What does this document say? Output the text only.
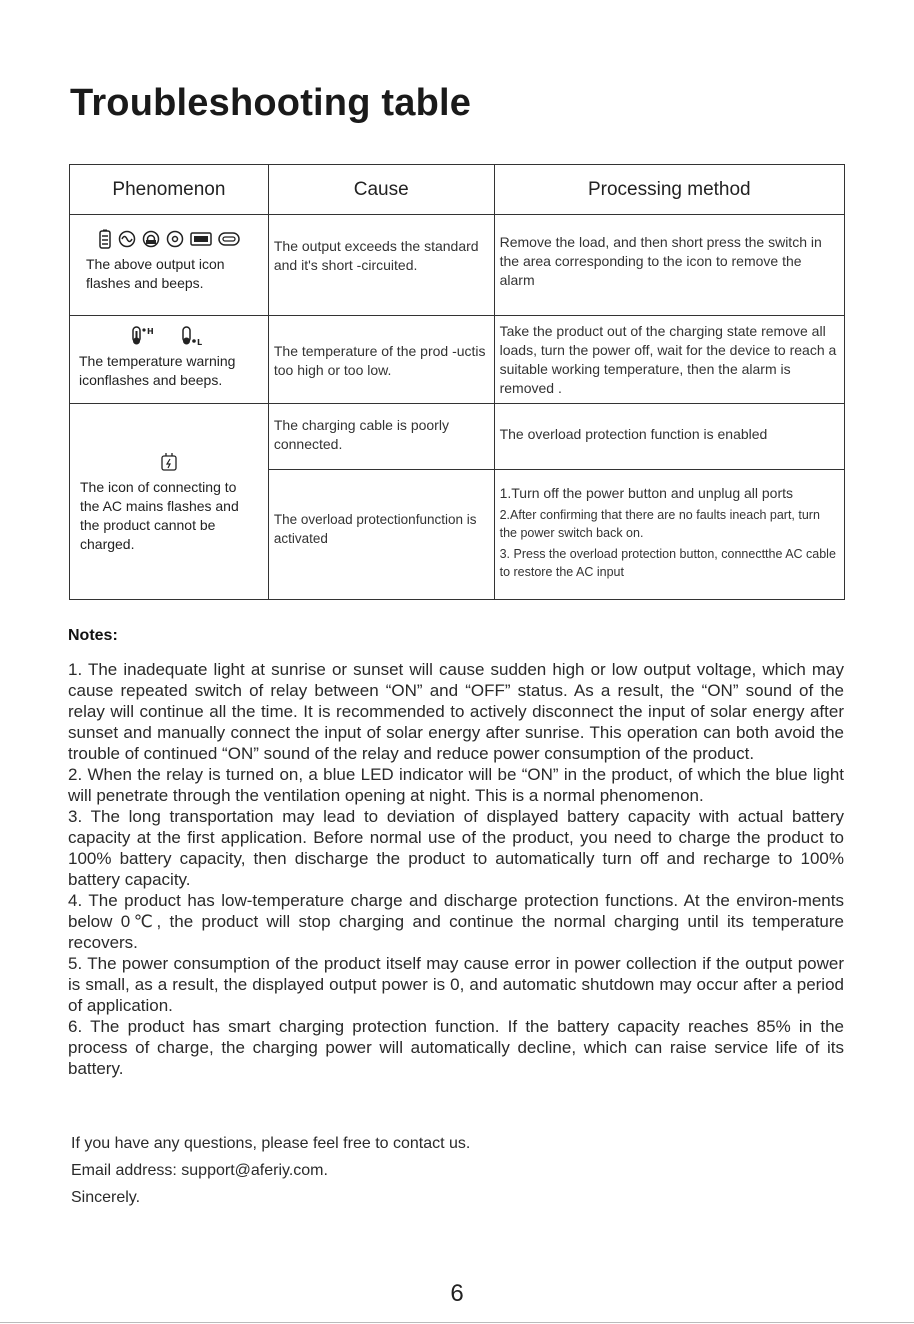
Troubleshooting table
Phenomenon	Cause	Processing method

The above output icon flashes and beeps.	The output exceeds the standard and it's short -circuited.	Remove the load, and then short press the switch in the area corresponding to the icon to remove the alarm

H
L
The temperature warning iconflashes and beeps.	The temperature of the prod -uctis too high or too low.	Take the product out of the charging state remove all loads, turn the power off, wait for the device to reach a suitable working temperature, then the alarm is removed .

The icon of connecting to the AC mains flashes and the product cannot be charged.	The charging cable is poorly connected.	The overload protection function is enabled

	The overload protectionfunction is activated	1.Turn off the power button and unplug all ports
2.After confirming that there are no faults ineach part, turn the power switch back on.
3. Press the overload protection button, connectthe AC cable to restore the AC input
Notes:

1. The inadequate light at sunrise or sunset will cause sudden high or low output voltage, which may cause repeated switch of relay between “ON” and “OFF” status. As a result, the “ON” sound of the relay will continue all the time. It is recommended to actively disconnect the input of solar energy after sunset and manually connect the input of solar energy after sunrise. This operation can both avoid the trouble of continued “ON” sound of the relay and reduce power consumption of the product.

2. When the relay is turned on, a blue LED indicator will be “ON” in the product, of which the blue light will penetrate through the ventilation opening at night. This is a normal phenomenon.

3. The long transportation may lead to deviation of displayed battery capacity with actual battery capacity at the first application. Before normal use of the product, you need to charge the product to 100% battery capacity, then discharge the product to automatically turn off and recharge to 100% battery capacity.

4. The product has low-temperature charge and discharge protection functions. At the environ-ments below 0℃, the product will stop charging and continue the normal charging until its temperature recovers.

5. The power consumption of the product itself may cause error in power collection if the output power is small, as a result, the displayed output power is 0, and automatic shutdown may occur after a period of application.

6. The product has smart charging protection function. If the battery capacity reaches 85% in the process of charge, the charging power will automatically decline, which can raise service life of its battery.

If you have any questions, please feel free to contact us.

Email address: support@aferiy.com.

Sincerely.

6
